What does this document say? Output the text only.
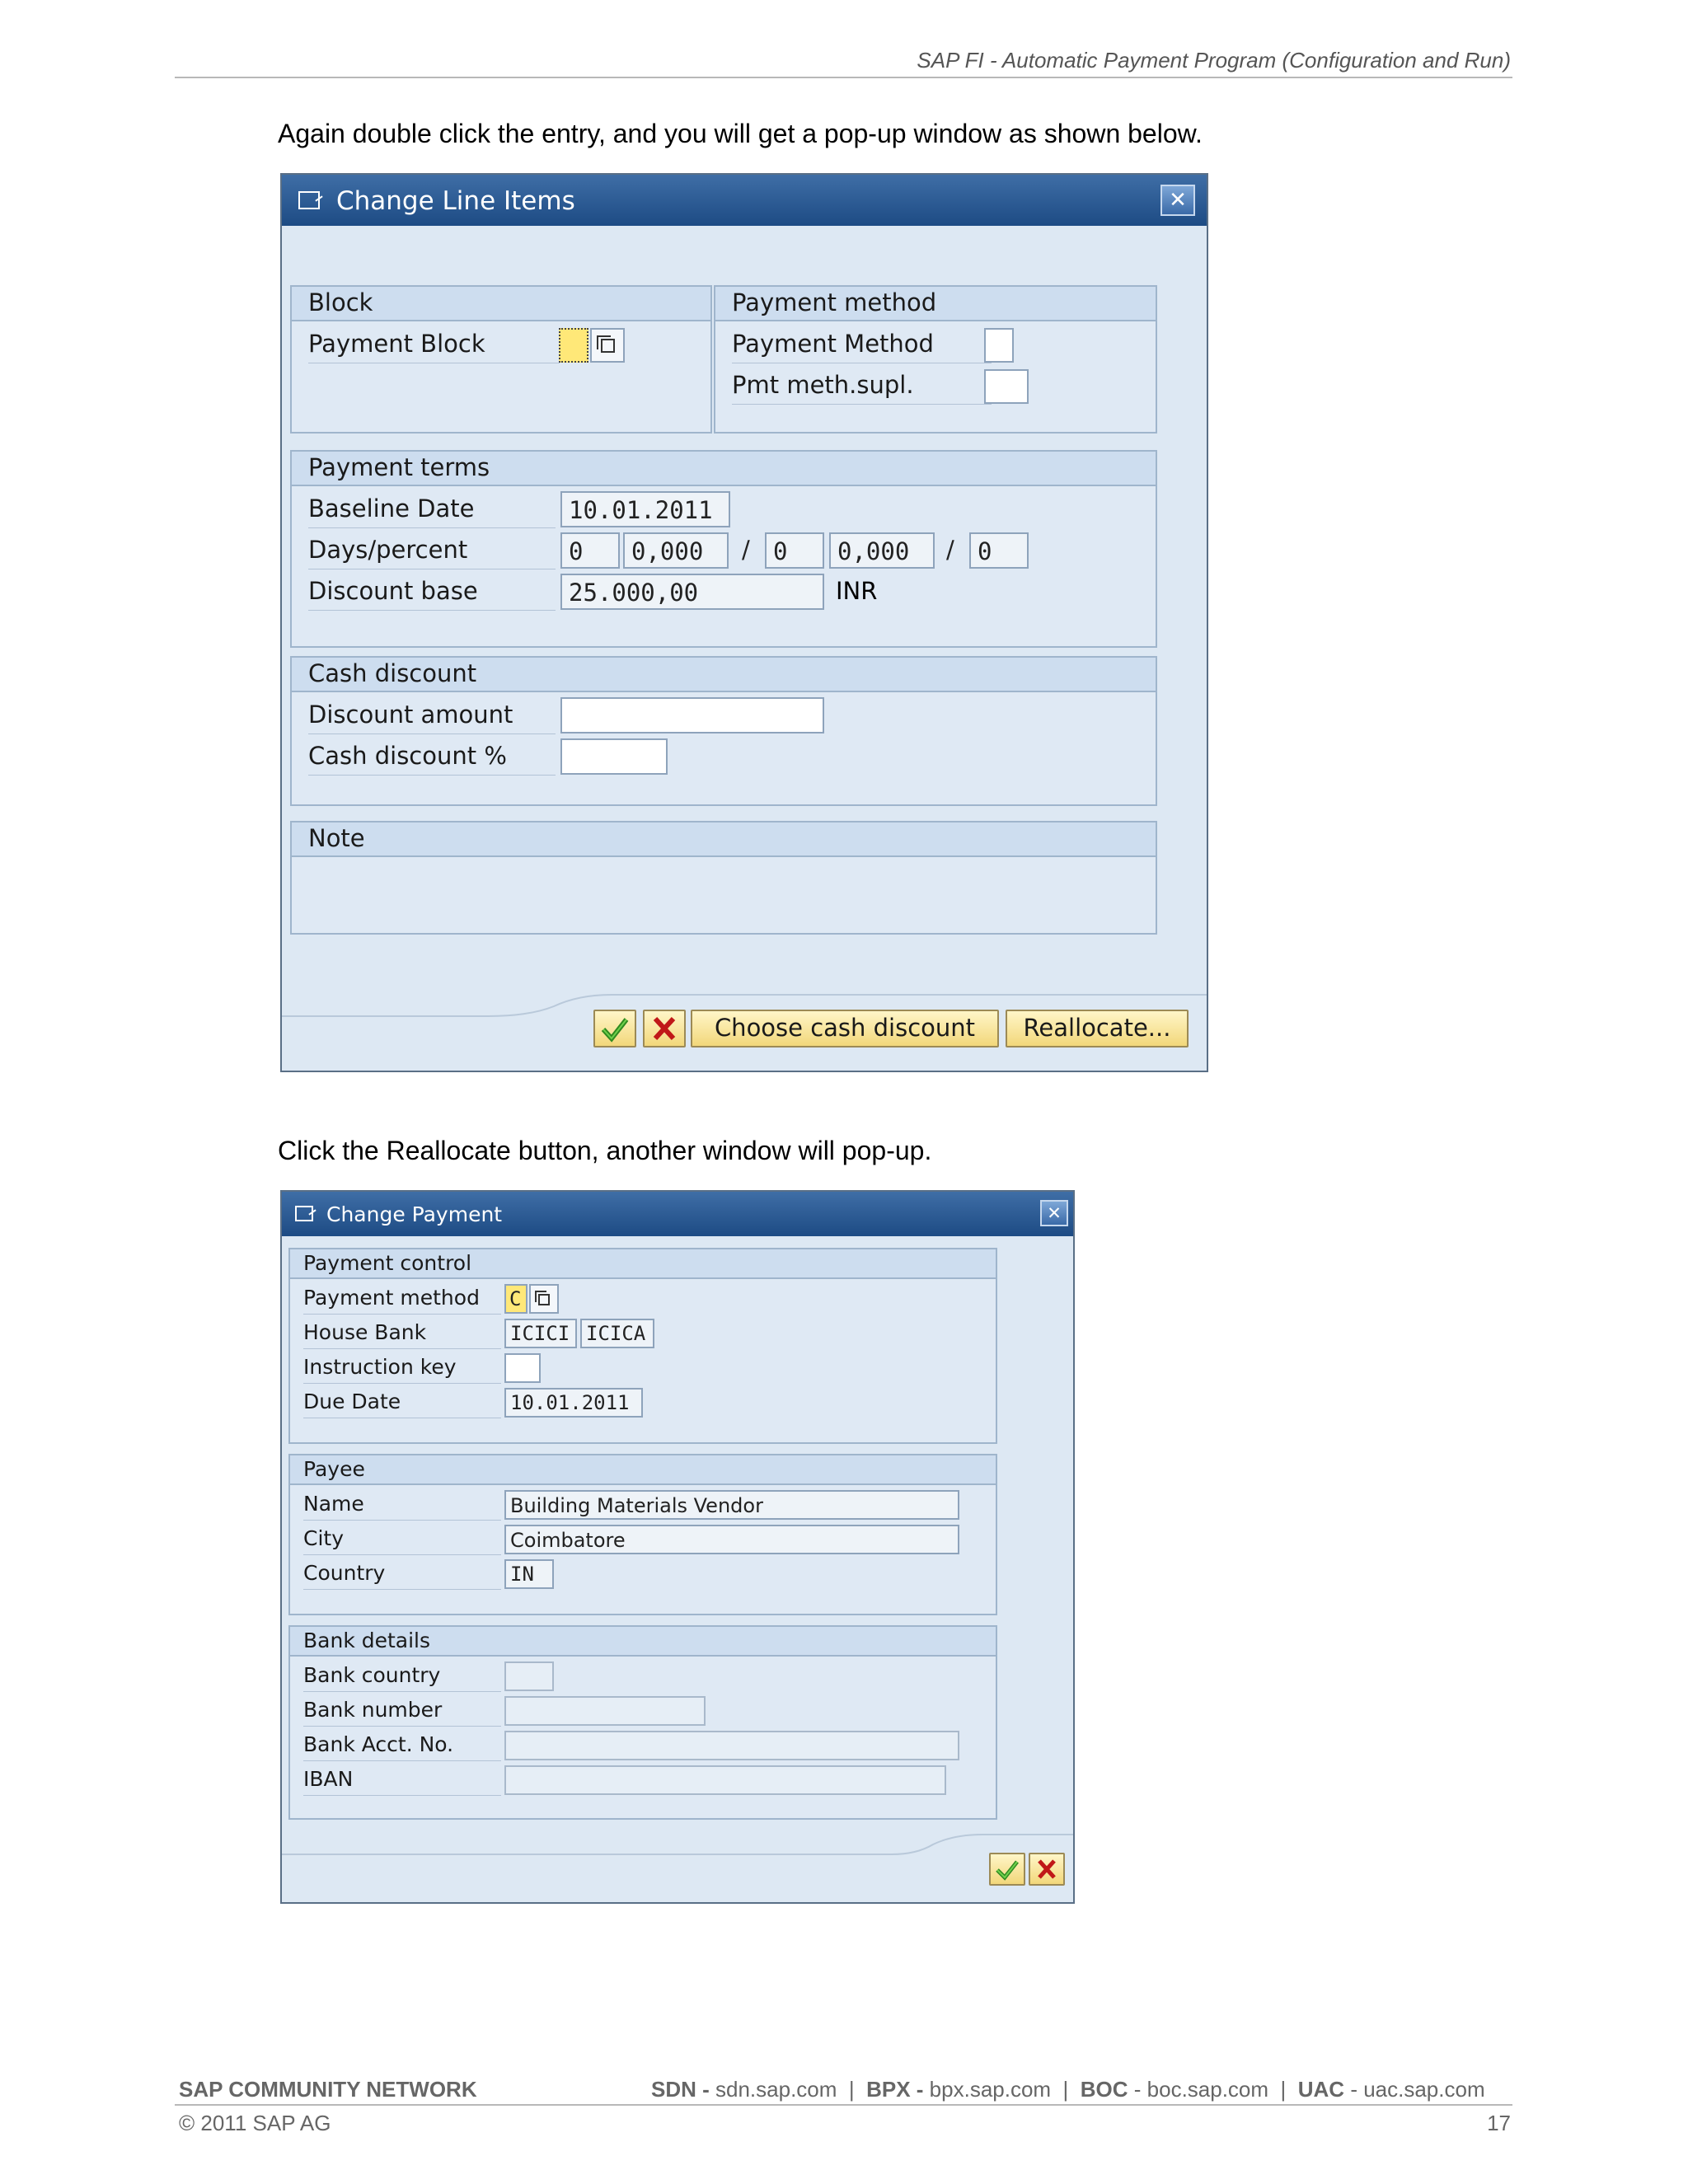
SAP FI - Automatic Payment Program (Configuration and Run)
Again double click the entry, and you will get a pop-up window as shown below.
Change Line Items	✕
Block
Payment Block
Payment method
Payment Method
Pmt meth.supl.
Payment terms
Baseline Date	10.01.2011
Days/percent	0	0,000	/ 0	0,000	/ 0
Discount base	25.000,00	INR
Cash discount
Discount amount
Cash discount %
Note
Choose cash discount	Reallocate...
Click the Reallocate button, another window will pop-up.
Change Payment	✕
Payment control
Payment method	C
House Bank	ICICI ICICA
Instruction key
Due Date	10.01.2011
Payee
Name	Building Materials Vendor
City	Coimbatore
Country	IN
Bank details
Bank country
Bank number
Bank Acct. No.
IBAN
SAP COMMUNITY NETWORK	SDN - sdn.sap.com | BPX - bpx.sap.com | BOC - boc.sap.com | UAC - uac.sap.com
© 2011 SAP AG	17
